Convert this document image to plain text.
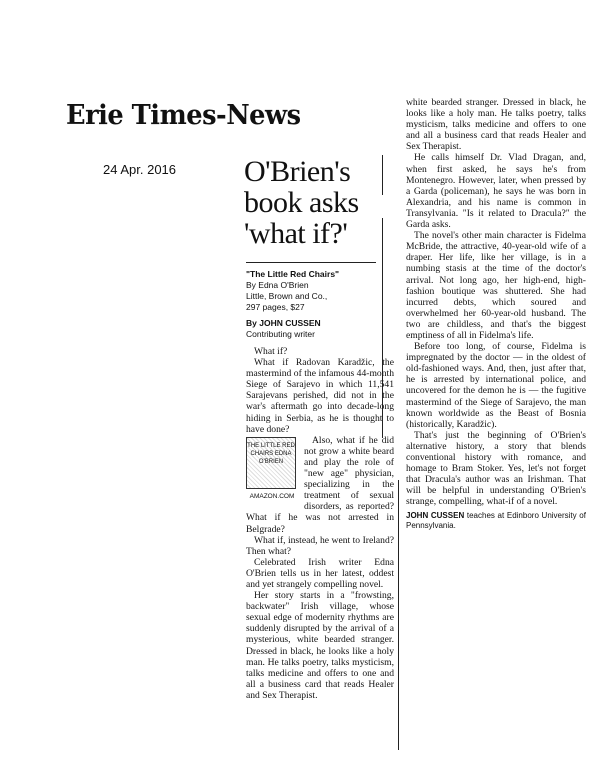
Erie Times-News
24 Apr. 2016 O'Brien's book asks 'what if?'
"The Little Red Chairs"
By Edna O'Brien
Little, Brown and Co.,
297 pages, $27
By JOHN CUSSEN
Contributing writer

What if?

What if Radovan Karadžic, the mastermind of the infamous 44-month Siege of Sarajevo in which 11,541 Sarajevans perished, did not in the war's aftermath go into decade-long hiding in Serbia, as he is thought to have done?

THE LITTLE RED CHAIRS EDNA O'BRIEN
AMAZON.COM

Also, what if he did not grow a white beard and play the role of "new age" physician, specializing in the treatment of sexual disorders, as reported? What if he was not arrested in Belgrade?

What if, instead, he went to Ireland? Then what?

Celebrated Irish writer Edna O'Brien tells us in her latest, oddest and yet strangely compelling novel.

Her story starts in a "frowsting, backwater" Irish village, whose sexual edge of modernity rhythms are suddenly disrupted by the arrival of a mysterious, white bearded stranger. Dressed in black, he looks like a holy man. He talks poetry, talks mysticism, talks medicine and offers to one and all a business card that reads Healer and Sex Therapist.

white bearded stranger. Dressed in black, he looks like a holy man. He talks poetry, talks mysticism, talks medicine and offers to one and all a business card that reads Healer and Sex Therapist.

He calls himself Dr. Vlad Dragan, and, when first asked, he says he's from Montenegro. However, later, when pressed by a Garda (policeman), he says he was born in Alexandria, and his name is common in Transylvania. "Is it related to Dracula?" the Garda asks.

The novel's other main character is Fidelma McBride, the attractive, 40-year-old wife of a draper. Her life, like her village, is in a numbing stasis at the time of the doctor's arrival. Not long ago, her high-end, high-fashion boutique was shuttered. She had incurred debts, which soured and overwhelmed her 60-year-old husband. The two are childless, and that's the biggest emptiness of all in Fidelma's life.

Before too long, of course, Fidelma is impregnated by the doctor — in the oldest of old-fashioned ways. And, then, just after that, he is arrested by international police, and uncovered for the demon he is — the fugitive mastermind of the Siege of Sarajevo, the man known worldwide as the Beast of Bosnia (historically, Karadžic).

That's just the beginning of O'Brien's alternative history, a story that blends conventional history with romance, and homage to Bram Stoker. Yes, let's not forget that Dracula's author was an Irishman. That will be helpful in understanding O'Brien's strange, compelling, what-if of a novel.

JOHN CUSSEN teaches at Edinboro University of Pennsylvania.
